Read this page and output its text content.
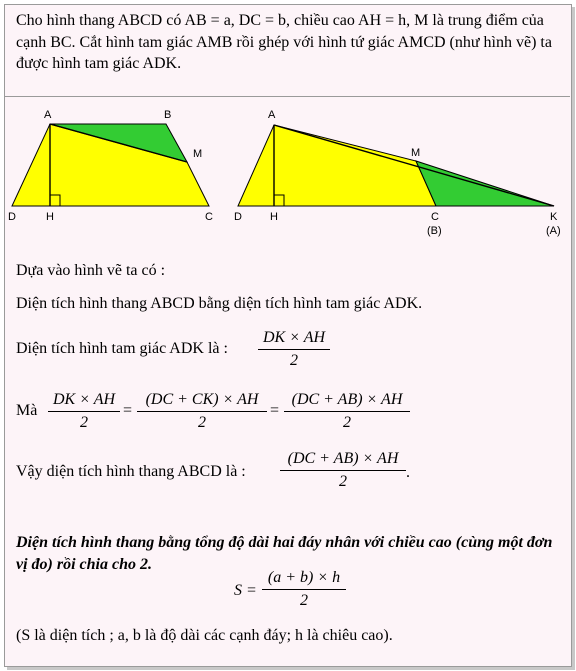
Cho hình thang ABCD có AB = a, DC = b, chiều cao AH = h, M là trung điểm của cạnh BC. Cắt hình tam giác AMB rồi ghép với hình tứ giác AMCD (như hình vẽ) ta được hình tam giác ADK.
A	B
M
D	H	C
A
M
D	H	C
(B)
K
(A)
Dựa vào hình vẽ ta có :
Diện tích hình thang ABCD bằng diện tích hình tam giác ADK.
Diện tích hình tam giác ADK là :
DK × AH
2
Mà
DK × AH
2
=
(DC + CK) × AH
2
=
(DC + AB) × AH
2
Vậy diện tích hình thang ABCD là :
(DC + AB) × AH
2
.
Diện tích hình thang bằng tổng độ dài hai đáy nhân với chiều cao (cùng một đơn vị đo) rồi chia cho 2.
S =
(a + b) × h
2
(S là diện tích ; a, b là độ dài các cạnh đáy; h là chiêu cao).
